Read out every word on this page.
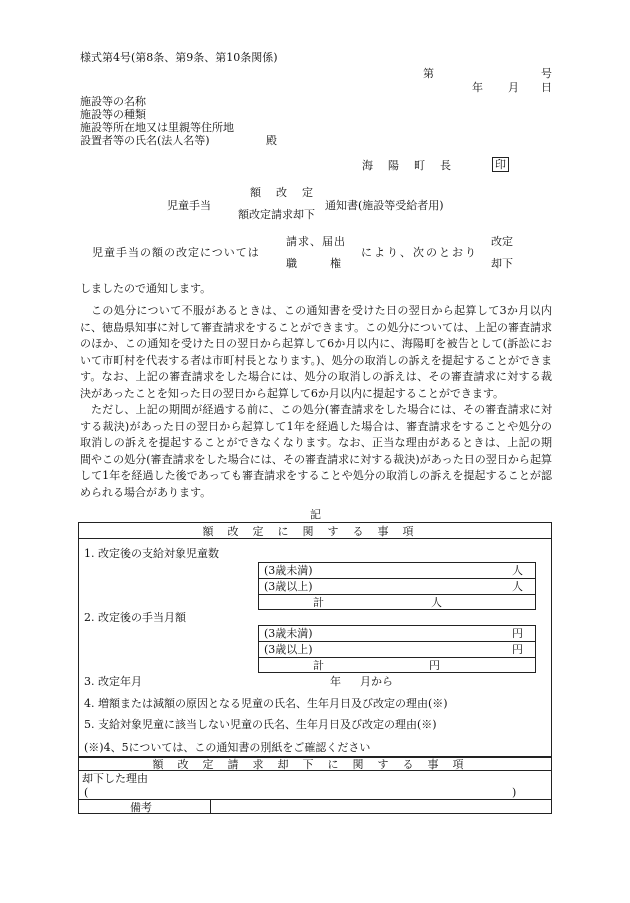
様式第4号(第8条、第9条、第10条関係)
第	号
年 月 日
施設等の名称
施設等の種類
施設等所在地又は里親等住所地
設置者等の氏名(法人名等)	殿
海　陽　町　長	印
児童手当
額　改　定
額改定請求却下
通知書(施設等受給者用)
児童手当の額の改定については
請求、届出
職　　　権
により、次のとおり
改定
却下
しましたので通知します。
この処分について不服があるときは、この通知書を受けた日の翌日から起算して3か月以内に、徳島県知事に対して審査請求をすることができます。この処分については、上記の審査請求のほか、この通知を受けた日の翌日から起算して6か月以内に、海陽町を被告として(訴訟において市町村を代表する者は市町村長となります。)、処分の取消しの訴えを提起することができます。なお、上記の審査請求をした場合には、処分の取消しの訴えは、その審査請求に対する裁決があったことを知った日の翌日から起算して6か月以内に提起することができます。
ただし、上記の期間が経過する前に、この処分(審査請求をした場合には、その審査請求に対する裁決)があった日の翌日から起算して1年を経過した場合は、審査請求をすることや処分の取消しの訴えを提起することができなくなります。なお、正当な理由があるときは、上記の期間やこの処分(審査請求をした場合には、その審査請求に対する裁決)があった日の翌日から起算して1年を経過した後であっても審査請求をすることや処分の取消しの訴えを提起することが認められる場合があります。
記
額改定に関する事項
1. 改定後の支給対象児童数
(3歳未満)	人
(3歳以上)	人
計	人
2. 改定後の手当月額
(3歳未満)	円
(3歳以上)	円
計	円
3. 改定年月	年 月から
4. 増額または減額の原因となる児童の氏名、生年月日及び改定の理由(※)
5. 支給対象児童に該当しない児童の氏名、生年月日及び改定の理由(※)
(※)4、5については、この通知書の別紙をご確認ください
額改定請求却下に関する事項
却下した理由
(	)
備考
